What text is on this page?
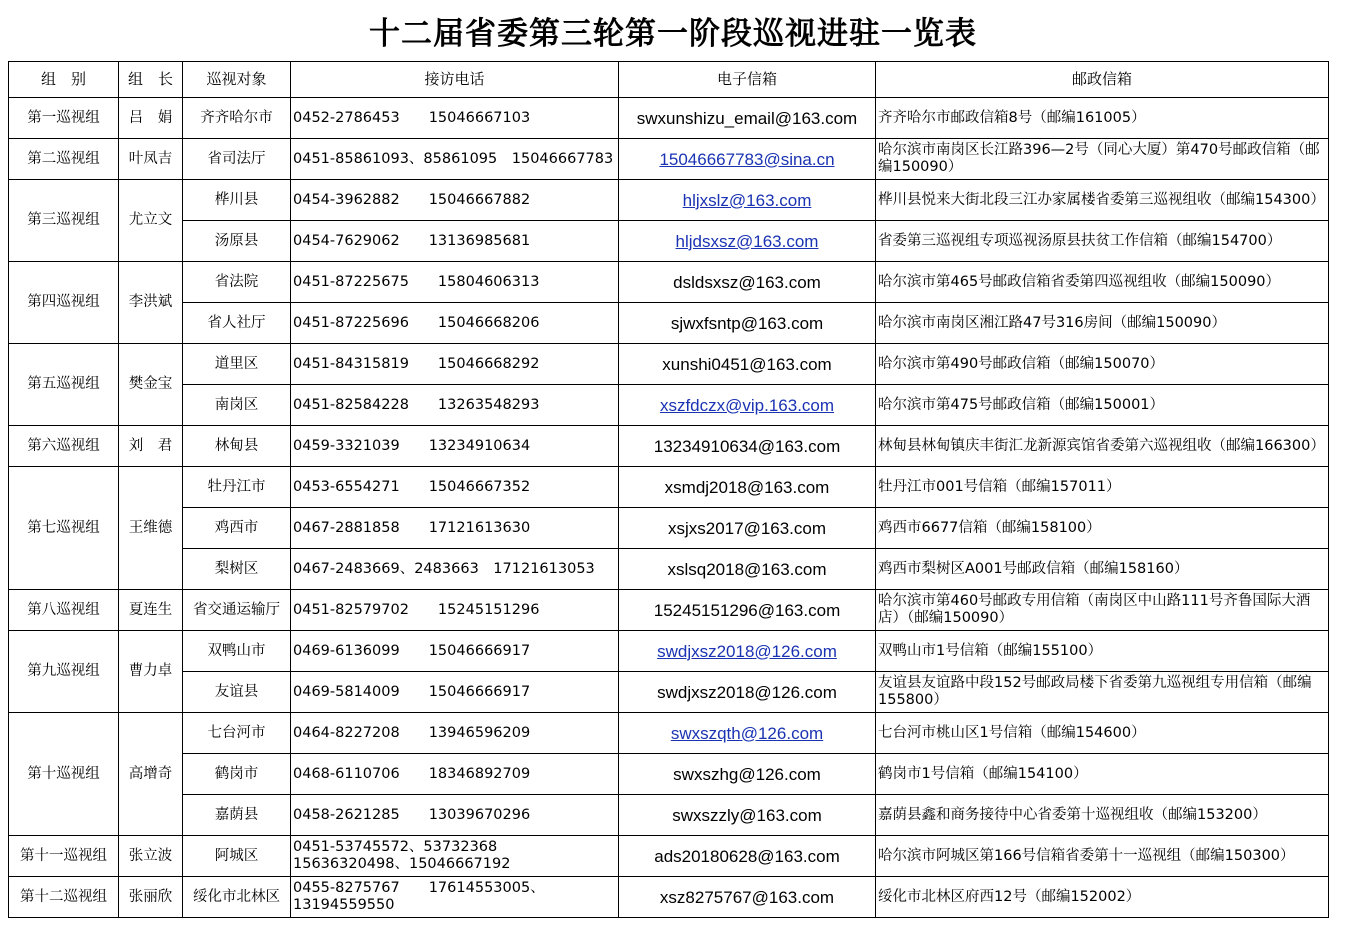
十二届省委第三轮第一阶段巡视进驻一览表
组　别	组　长	巡视对象	接访电话	电子信箱	邮政信箱
第一巡视组	吕　娟	齐齐哈尔市	0452-2786453　　15046667103	swxunshizu_email@163.com	齐齐哈尔市邮政信箱8号（邮编161005）
第二巡视组	叶凤吉	省司法厅	0451-85861093、85861095　15046667783	15046667783@sina.cn	哈尔滨市南岗区长江路396—2号（同心大厦）第470号邮政信箱（邮编150090）
第三巡视组	尤立文	桦川县	0454-3962882　　15046667882	hljxslz@163.com	桦川县悦来大街北段三江办家属楼省委第三巡视组收（邮编154300）
		汤原县	0454-7629062　　13136985681	hljdsxsz@163.com	省委第三巡视组专项巡视汤原县扶贫工作信箱（邮编154700）
第四巡视组	李洪斌	省法院	0451-87225675　　15804606313	dsldsxsz@163.com	哈尔滨市第465号邮政信箱省委第四巡视组收（邮编150090）
		省人社厅	0451-87225696　　15046668206	sjwxfsntp@163.com	哈尔滨市南岗区湘江路47号316房间（邮编150090）
第五巡视组	樊金宝	道里区	0451-84315819　　15046668292	xunshi0451@163.com	哈尔滨市第490号邮政信箱（邮编150070）
		南岗区	0451-82584228　　13263548293	xszfdczx@vip.163.com	哈尔滨市第475号邮政信箱（邮编150001）
第六巡视组	刘　君	林甸县	0459-3321039　　13234910634	13234910634@163.com	林甸县林甸镇庆丰街汇龙新源宾馆省委第六巡视组收（邮编166300）
第七巡视组	王维德	牡丹江市	0453-6554271　　15046667352	xsmdj2018@163.com	牡丹江市001号信箱（邮编157011）
		鸡西市	0467-2881858　　17121613630	xsjxs2017@163.com	鸡西市6677信箱（邮编158100）
		梨树区	0467-2483669、2483663　17121613053	xslsq2018@163.com	鸡西市梨树区A001号邮政信箱（邮编158160）
第八巡视组	夏连生	省交通运输厅	0451-82579702　　15245151296	15245151296@163.com	哈尔滨市第460号邮政专用信箱（南岗区中山路111号齐鲁国际大酒店）（邮编150090）
第九巡视组	曹力卓	双鸭山市	0469-6136099　　15046666917	swdjxsz2018@126.com	双鸭山市1号信箱（邮编155100）
		友谊县	0469-5814009　　15046666917	swdjxsz2018@126.com	友谊县友谊路中段152号邮政局楼下省委第九巡视组专用信箱（邮编155800）
第十巡视组	高增奇	七台河市	0464-8227208　　13946596209	swxszqth@126.com	七台河市桃山区1号信箱（邮编154600）
		鹤岗市	0468-6110706　　18346892709	swxszhg@126.com	鹤岗市1号信箱（邮编154100）
		嘉荫县	0458-2621285　　13039670296	swxszzly@163.com	嘉荫县鑫和商务接待中心省委第十巡视组收（邮编153200）
第十一巡视组	张立波	阿城区	0451-53745572、53732368　15636320498、15046667192	ads20180628@163.com	哈尔滨市阿城区第166号信箱省委第十一巡视组（邮编150300）
第十二巡视组	张丽欣	绥化市北林区	0455-8275767　　17614553005、13194559550	xsz8275767@163.com	绥化市北林区府西12号（邮编152002）
